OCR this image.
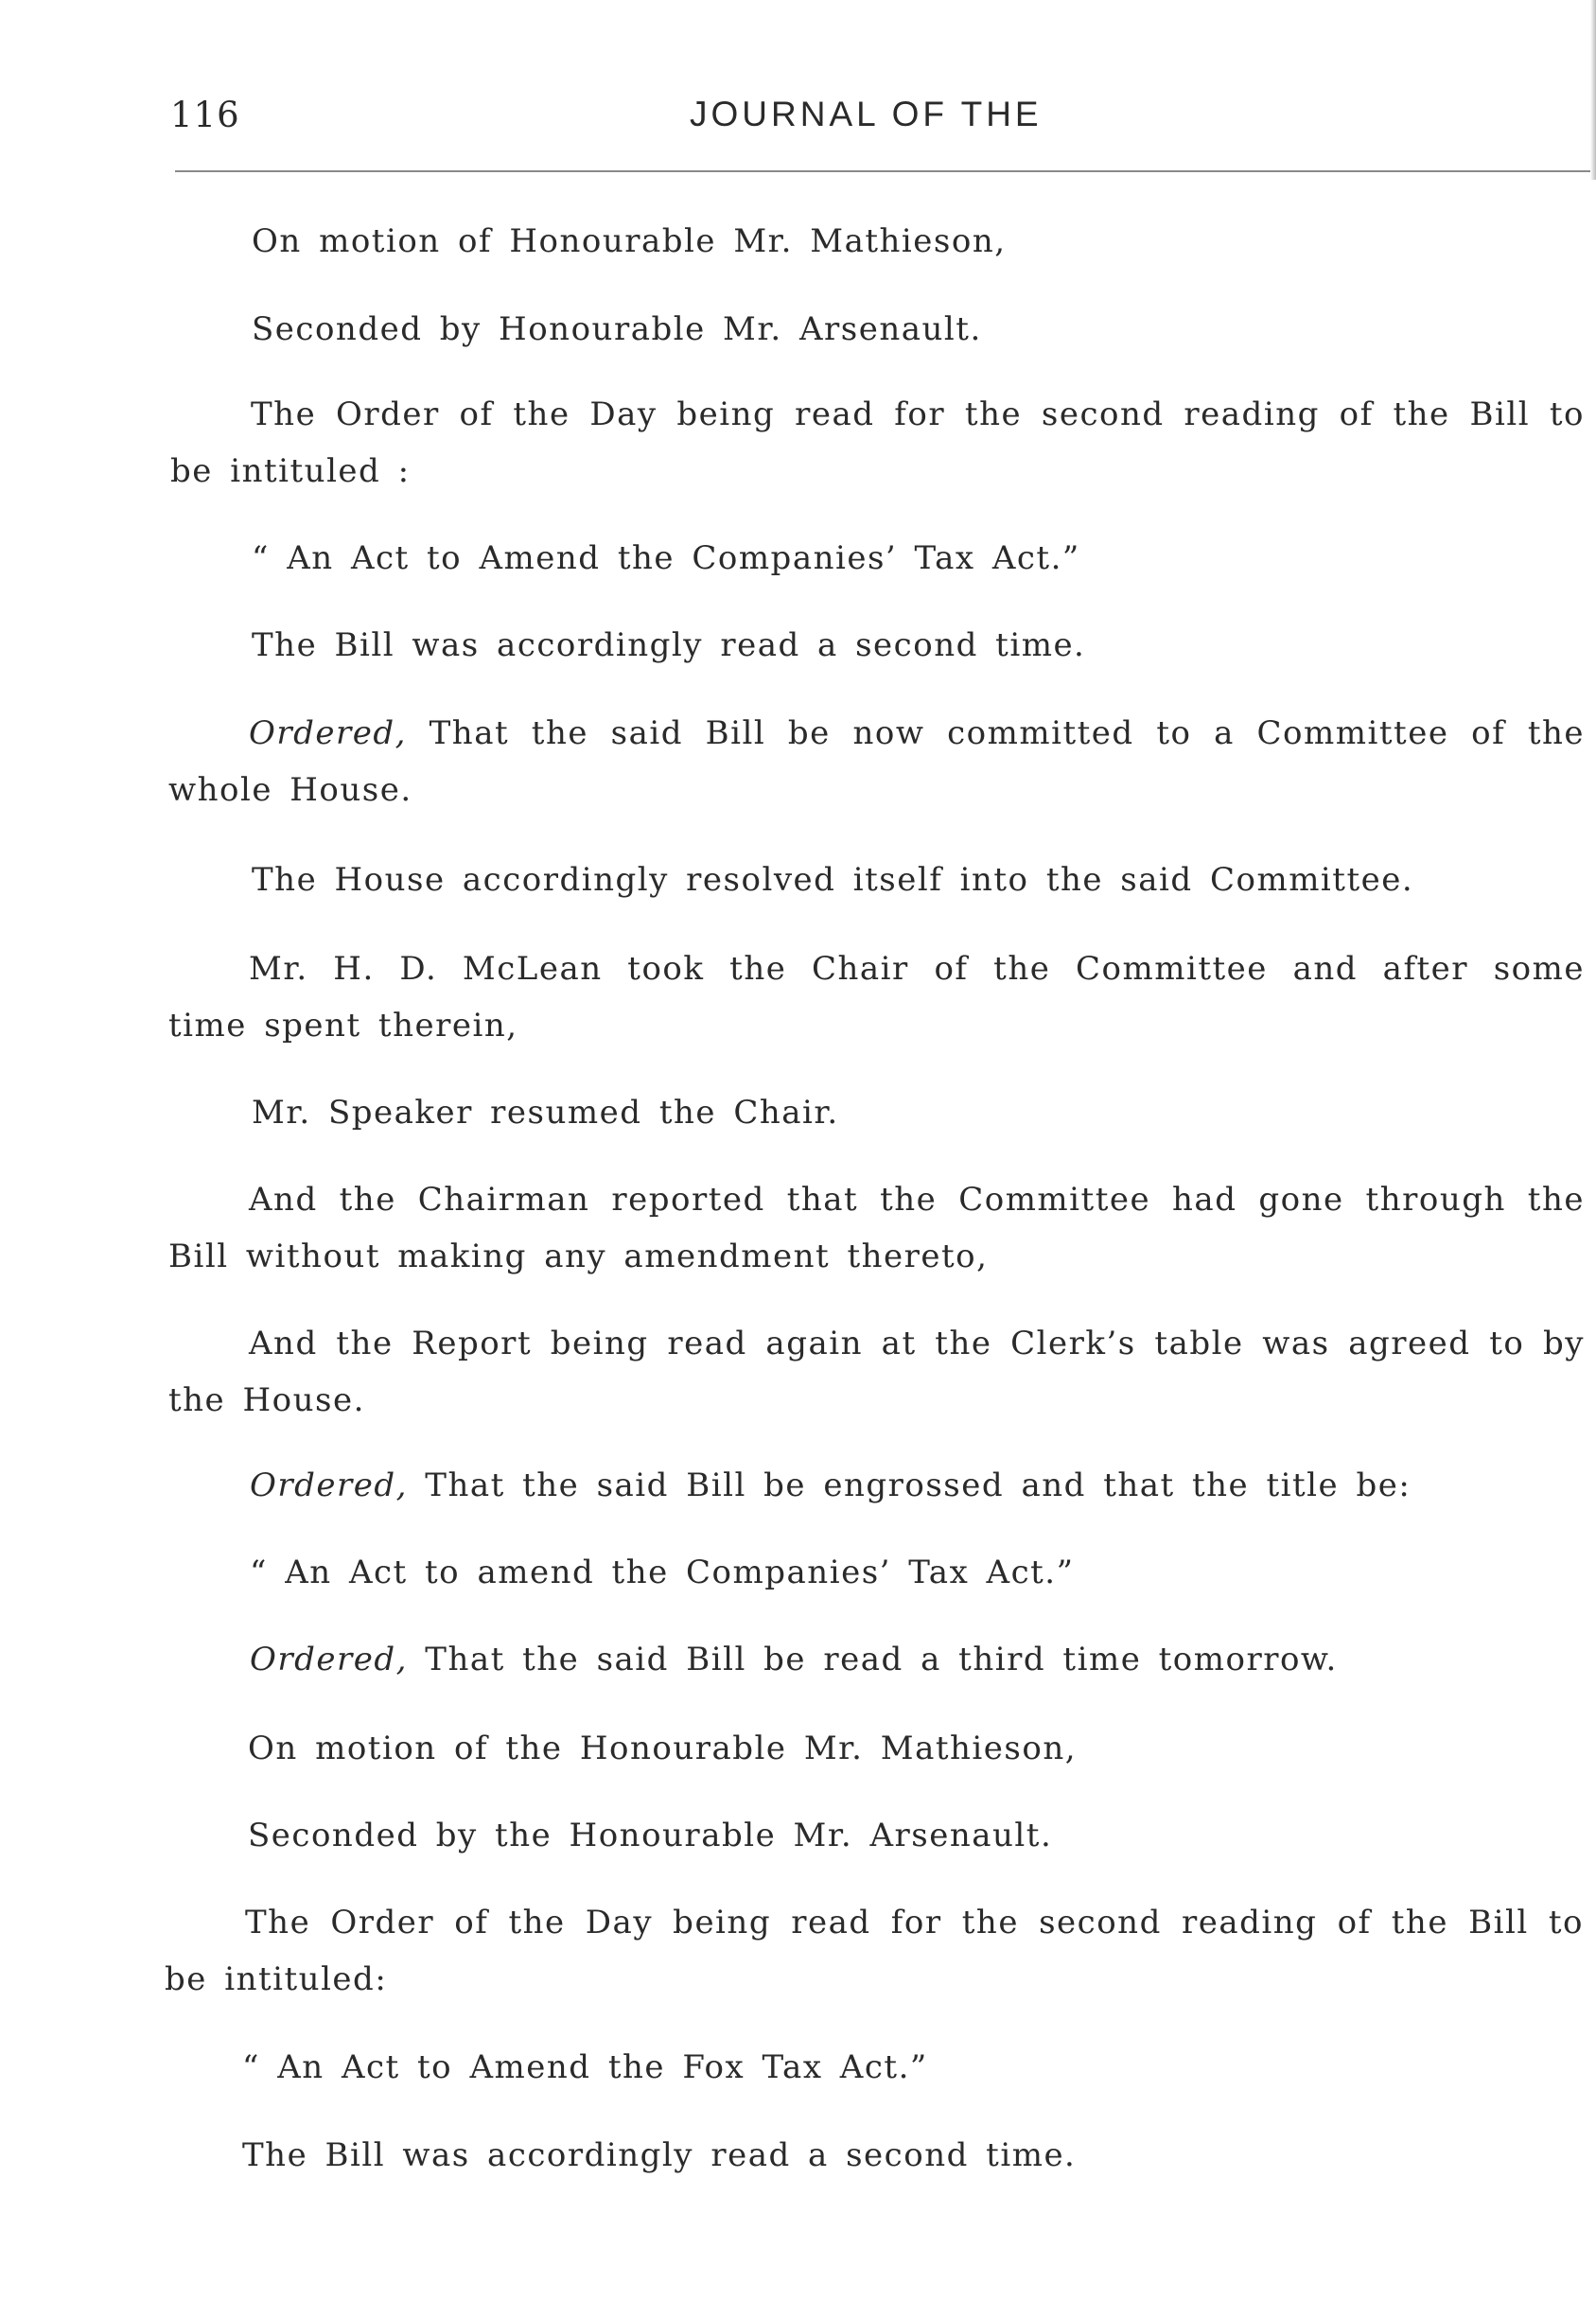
116	JOURNAL OF THE

On motion of Honourable Mr. Mathieson,

Seconded by Honourable Mr. Arsenault.

The Order of the Day being read for the second reading of the Bill to be intituled :

“ An Act to Amend the Companies’ Tax Act.”

The Bill was accordingly read a second time.

Ordered, That the said Bill be now committed to a Committee of the whole House.

The House accordingly resolved itself into the said Committee.

Mr. H. D. McLean took the Chair of the Committee and after some time spent therein,

Mr. Speaker resumed the Chair.

And the Chairman reported that the Committee had gone through the Bill without making any amendment thereto,

And the Report being read again at the Clerk’s table was agreed to by the House.

Ordered, That the said Bill be engrossed and that the title be:

“ An Act to amend the Companies’ Tax Act.”

Ordered, That the said Bill be read a third time tomorrow.

On motion of the Honourable Mr. Mathieson,

Seconded by the Honourable Mr. Arsenault.

The Order of the Day being read for the second reading of the Bill to be intituled:

“ An Act to Amend the Fox Tax Act.”

The Bill was accordingly read a second time.
